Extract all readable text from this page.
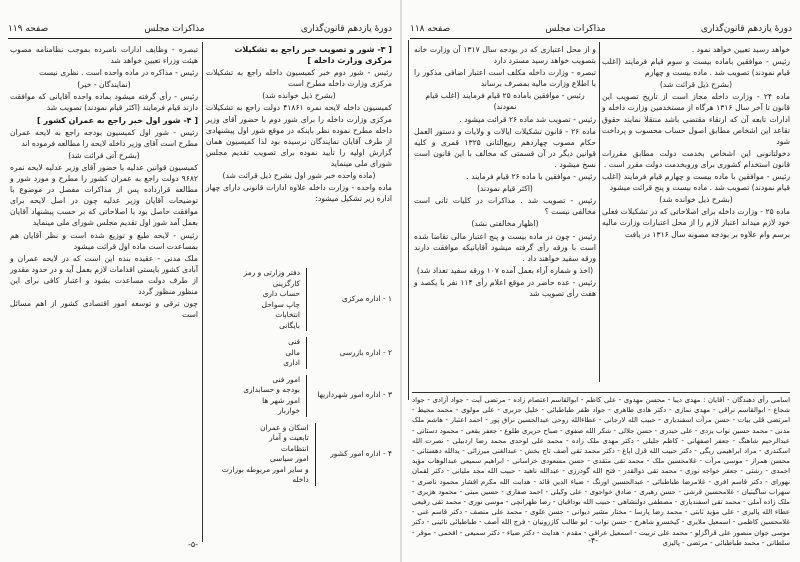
دورهٔ یازدهم قانون‌گذاری
مذاکرات مجلس
صفحه ۱۱۹

[ ۳- شور و تصویب خبر راجع به تشکیلات مرکزی وزارت داخله ]

رئیس - شور دوم خبر کمیسیون داخله راجع به تشکیلات مرکزی وزارت داخله مطرح است

(بشرح ذیل خوانده شد)

کمیسیون داخله لایحه نمره ۴۱۸۶۱ دولت راجع به تشکیلات مرکزی وزارت داخله را برای شور دوم با حضور آقای وزیر داخله مطرح نموده نظر باینکه در موقع شور اول پیشنهادی از طرف آقایان نمایندگان نرسیده بود لذا کمیسیون همان گزارش اولیه را تأیید نموده برای تصویب تقدیم مجلس شورای ملی مینماید

(ماده واحده خبر شور اول بشرح ذیل قرائت شد)

ماده واحده - وزارت داخله علاوه ادارات قانونی دارای چهار اداره زیر تشکیل میشود:

۱ - اداره مرکزی
دفتر وزارتی و رمز
کارگزینی
حساب داری
چاپ سواحل
انتخابات
بایگانی
۲ - اداره بازرسی
فنی
مالی
اداری
۳ - اداره امور شهرداریها
امور فنی
بودجه و حسابداری
امور شهر ها
خواربار
۴ - اداره امور کشور
اسکان و عمران
تابعیت و آمار
انتظامات
امور سیاسی
و سایر امور مربوطه بوزارت داخله

تبصره - وظایف ادارات نامبرده بموجب نظامنامه مصوب هیئت وزراء تعیین خواهد شد

رئیس - مذاکره در ماده واحده است . نظری نیست

(نمایندگان - خیر)

رئیس - رأی گرفته میشود بماده واحده آقایانی که موافقت دارند قیام فرمایند (اکثر قیام نمودند) تصویب شد

[ ۴- شور اول خبر راجع به عمران کشور ]

رئیس - شور اول کمیسیون بودجه راجع به لایحه عمران مطرح است آقای وزیر داخله لایحه را مطالعه فرموده اند

(بشرح آتی قرائت شد)

کمیسیون قوانین عدلیه با حضور آقای وزیر عدلیه لایحه نمره ۹۶۸۲ دولت راجع به عمران کشور را مطرح و مورد شور و مطالعه قرارداده پس از مذاکرات مفصل در موضوع با توضیحات آقایان وزیر عدلیه چون در اصل لایحه برای موافقت حاصل بود با اصلاحاتی که بر حسب پیشنهاد آقایان بعمل آمد شور اول تقدیم مجلس شورای ملی مینماید

رئیس - لایحه طبع و توزیع شده است و نظر آقایان هم بمساعدت است ماده اول قرائت میشود

ملک مدنی - عقیده بنده این است که در لایحه عمران و آبادی کشور بایستی اقدامات لازم بعمل آید و در حدود مقدور از طرف دولت مساعدت بشود و اعتبار کافی برای این منظور منظور گردد

چون ترقی و توسعه امور اقتصادی کشور از اهم مسائل است

-۵-
دورهٔ یازدهم قانون‌گذاری
مذاکرات مجلس
صفحه ۱۱۸

خواهد رسید تعیین خواهد نمود .

رئیس - موافقین باماده بیست و سوم قیام فرمایند (اغلب قیام نمودند) تصویب شد . ماده بیست و چهارم

(بشرح ذیل قرائت شد)

ماده ۲۴ - وزارت داخله مجاز است از تاریخ تصویب این قانون تا آخر سال ۱۳۱۶ هرگاه از مستخدمین وزارت داخله و ادارات تابعه آن که ارتقاء مقتضی باشد منتقلا نمایند حقوق تقاعد این اشخاص مطابق اصول حساب محسوب و پرداخت شود

دخولتانونی این اشخاص بخدمت دولت مطابق مقررات قانون استخدام کشوری برای وروبخدمت دولت مقرر است .

رئیس - موافقین با ماده بیست و چهارم قیام فرمایند (اغلب قیام نمودند) تصویب شد . ماده بیست و پنج قرائت میشود

(بشرح ذیل خوانده شد)

ماده ۲۵ - وزارت داخله برای اصلاحاتی که در تشکیلات فعلی خود لازم میداند اعتبار لازم را از محل اعتبارات وزارت مالیه برسم وام علاوه بر بودجه مصوبه سال ۱۳۱۶ در یافت

و از محل اعتباری که در بودجه سال ۱۳۱۷ آن وزارت خانه بتصویب خواهد رسید مسترد دارد

تبصره - وزارت داخله مکلف است اعتبار اضافی مذکور را با اطلاع وزارت مالیه بمصرف برساند

رئیس - موافقین باماده ۲۵ قیام فرمایند (اغلب قیام نمودند)

رئیس - تصویب شد ماده ۲۶ قرائت میشود .

ماده ۲۶ - قانون تشکیلات ایالات و ولایات و دستور العمل حکام مصوب چهاردهم ربیع‌الثانی ۱۳۲۵ قمری و کلیه قوانین دیگر در آن قسمتی که مخالف با این قانون است نسخ میشود .

رئیس - موافقین با ماده ۲۶ قیام فرمایند .

(اکثر قیام نمودند)

رئیس - تصویب شد . مذاکرات در کلیات ثانی است مخالفی نیست ؟

(اظهار مخالفتی نشد)

رئیس - چون در ماده بیست و پنج اعتبار مالی تقاضا شده است با ورقه رأی گرفته میشود آقایانیکه موافقت دارند ورقه سفید خواهند داد .

(اخذ و شماره آراء بعمل آمده ۱۰۷ ورقه سفید تعداد شد)

رئیس - عده حاضر در موقع اعلام رأی ۱۱۴ نفر با یکصد و هفت رأی تصویب شد

اسامی رأی دهندگان - آقایان : مهدی دیبا - محسن مهدوی - علی کاظم - ابوالقاسم اعتصام زاده - مرتضی آیت - جواد آزادی - جواد شجاع - ابوالقاسم نراقی - مهدی نمازی - دکتر هادی طاهری - جواد ظفر طباطبائی - خلیل جزبری - علی مولوی - محمد محیط - امرتضی قلی بیات - حسن مرآت اسفندیاری - حبیب الله لارجانی - عطاءالله روحی عبدالحسین نراق پور - احمد اعتبار - هاشم ملک مدنی - محمد حسین نواب یزدی - علی حیدری - حسن جلالی - شکر الله صفوی - صباح حریری طلوع - جعفر بقعی - محمود دستانی - عبدالرحیم شاهنگ - جعفر اصفهانی - کاظم جلیلی - دکتر مهدی ملک زاده - محمد علی لوحدی محمد رضا اردبیلی - نصرت الله اسکندری - مراد ابراهیمی ریگی - دکتر حبیب الله قزل اپاغ - دکتر محمد تقی آصف تاج بخش - عبدالغنی میرزائی - یدالله دهستانی - محسن همراز - موسی مرآت - غلامحسین ملک - محمد تقی متقدی - حسن مسعودی خراسانی - ابراهیم سمیعی عبدالوهاب مؤید احمدی - رشتی - جعفر خواجه نوری - محمد تقی ذوالقدر - فتح الله گودرزی - عبدالله ناهید - حبیب الله مجد ملیانی - دکتر لقمان نهورای - دکتر قاسم افری - غلامرضا طباطبائی - عبدالحسین اورنگ - ضیاء الدین قائد - هدایت الله مکرم افشار محمود ناصری - سهراب ساگینیان - غلامحسین قرشی - حسن رهبری - صادق خواجوی - علی وکیلی - احمد صفاری - حسین مبتی - محمود هژبری - ملک زاده آملی - محمد تقی اسفندیاری - مصطفی دولتشاهی - حبیب الله بوداقیان - رضا طهرانچی - موسی نوری - محمد تقی رفیعی عطاء الله پالیزی - علی مؤید ثابتی - محمد رضا پارسا - مختار مشیر دیوانی - حسن علوی - محمد علی منصف - دکتر قاسم غنی - غلامحسین کاظمی - اسمعیل ملایری - کیخسرو شاهرخ - حسن نواب - ابو طالب کازرونیان - فرج الله آصف - طباطبائی نائینی - دکتر موسی جوان منصور علی قراگزلو - محمد علی تربیت - اسمعیل عراقی - مقدم - هدایت - دکتر ضیاء - دکتر سمیعی - افخمی - موقر - سلطانی - محمد طباطبائی - مرتضی - پالیزی
-۴-
